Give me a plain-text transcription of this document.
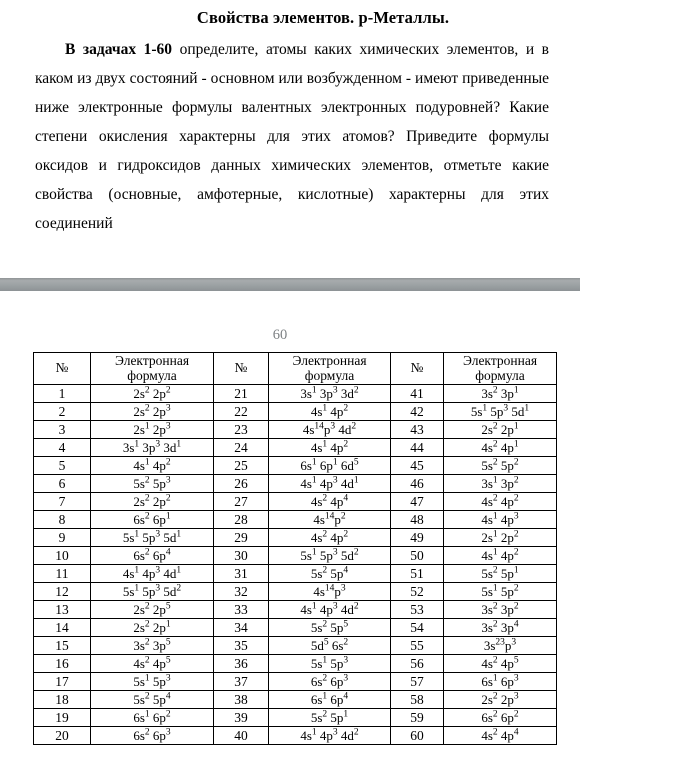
Свойства элементов. p-Металлы.

В задачах 1-60 определите, атомы каких химических элементов, и в каком из двух состояний - основном или возбужденном - имеют приведенные ниже электронные формулы валентных электронных подуровней? Какие степени окисления характерны для этих атомов? Приведите формулы оксидов и гидроксидов данных химических элементов, отметьте какие свойства (основные, амфотерные, кислотные) характерны для этих соединений

60
№	Электронная формула	№	Электронная формула	№	Электронная формула
1	$2s^2$ $2p^2$	21	$3s^1$ $3p^3$ $3d^2$	41	$3s^2$ $3p^1$
2	$2s^2$ $2p^3$	22	$4s^1$ $4p^2$	42	$5s^1$ $5p^3$ $5d^1$
3	$2s^1$ $2p^3$	23	$4s^{14}p^3$ $4d^2$	43	$2s^2$ $2p^1$
4	$3s^1$ $3p^3$ $3d^1$	24	$4s^1$ $4p^2$	44	$4s^2$ $4p^1$
5	$4s^1$ $4p^2$	25	$6s^1$ $6p^1$ $6d^5$	45	$5s^2$ $5p^2$
6	$5s^2$ $5p^3$	26	$4s^1$ $4p^3$ $4d^1$	46	$3s^1$ $3p^2$
7	$2s^2$ $2p^2$	27	$4s^2$ $4p^4$	47	$4s^2$ $4p^2$
8	$6s^2$ $6p^1$	28	$4s^{14}p^2$	48	$4s^1$ $4p^3$
9	$5s^1$ $5p^3$ $5d^1$	29	$4s^2$ $4p^2$	49	$2s^1$ $2p^2$
10	$6s^2$ $6p^4$	30	$5s^1$ $5p^3$ $5d^2$	50	$4s^1$ $4p^2$
11	$4s^1$ $4p^3$ $4d^1$	31	$5s^2$ $5p^4$	51	$5s^2$ $5p^1$
12	$5s^1$ $5p^3$ $5d^2$	32	$4s^{14}p^3$	52	$5s^1$ $5p^2$
13	$2s^2$ $2p^5$	33	$4s^1$ $4p^3$ $4d^2$	53	$3s^2$ $3p^2$
14	$2s^2$ $2p^1$	34	$5s^2$ $5p^5$	54	$3s^2$ $3p^4$
15	$3s^2$ $3p^5$	35	$5d^5$ $6s^2$	55	$3s^{23}p^3$
16	$4s^2$ $4p^5$	36	$5s^1$ $5p^3$	56	$4s^2$ $4p^5$
17	$5s^1$ $5p^3$	37	$6s^2$ $6p^3$	57	$6s^1$ $6p^3$
18	$5s^2$ $5p^4$	38	$6s^1$ $6p^4$	58	$2s^2$ $2p^3$
19	$6s^1$ $6p^2$	39	$5s^2$ $5p^1$	59	$6s^2$ $6p^2$
20	$6s^2$ $6p^3$	40	$4s^1$ $4p^3$ $4d^2$	60	$4s^2$ $4p^4$
